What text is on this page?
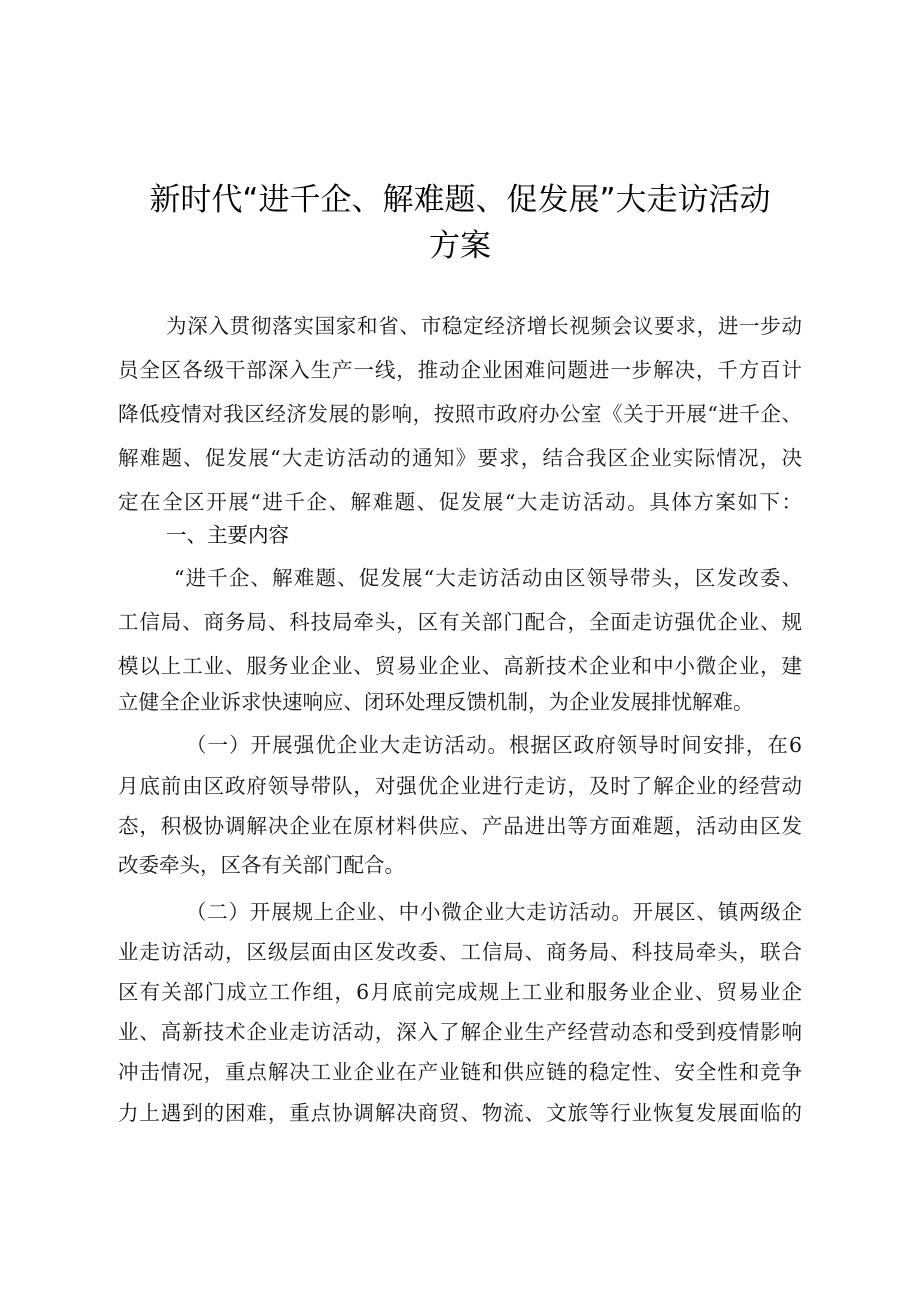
新时代“进千企、解难题、促发展”大走访活动
方案
为深入贯彻落实国家和省、市稳定经济增长视频会议要求，进一步动
员全区各级干部深入生产一线，推动企业困难问题进一步解决，千方百计
降低疫情对我区经济发展的影响，按照市政府办公室《关于开展“进千企、
解难题、促发展“大走访活动的通知》要求，结合我区企业实际情况，决
定在全区开展“进千企、解难题、促发展“大走访活动。具体方案如下：
一、主要内容
“进千企、解难题、促发展“大走访活动由区领导带头，区发改委、
工信局、商务局、科技局牵头，区有关部门配合，全面走访强优企业、规
模以上工业、服务业企业、贸易业企业、高新技术企业和中小微企业，建
立健全企业诉求快速响应、闭环处理反馈机制，为企业发展排忧解难。
（一）开展强优企业大走访活动。根据区政府领导时间安排，在6
月底前由区政府领导带队，对强优企业进行走访，及时了解企业的经营动
态，积极协调解决企业在原材料供应、产品进出等方面难题，活动由区发
改委牵头，区各有关部门配合。
（二）开展规上企业、中小微企业大走访活动。开展区、镇两级企
业走访活动，区级层面由区发改委、工信局、商务局、科技局牵头，联合
区有关部门成立工作组，6月底前完成规上工业和服务业企业、贸易业企
业、高新技术企业走访活动，深入了解企业生产经营动态和受到疫情影响
冲击情况，重点解决工业企业在产业链和供应链的稳定性、安全性和竞争
力上遇到的困难，重点协调解决商贸、物流、文旅等行业恢复发展面临的
